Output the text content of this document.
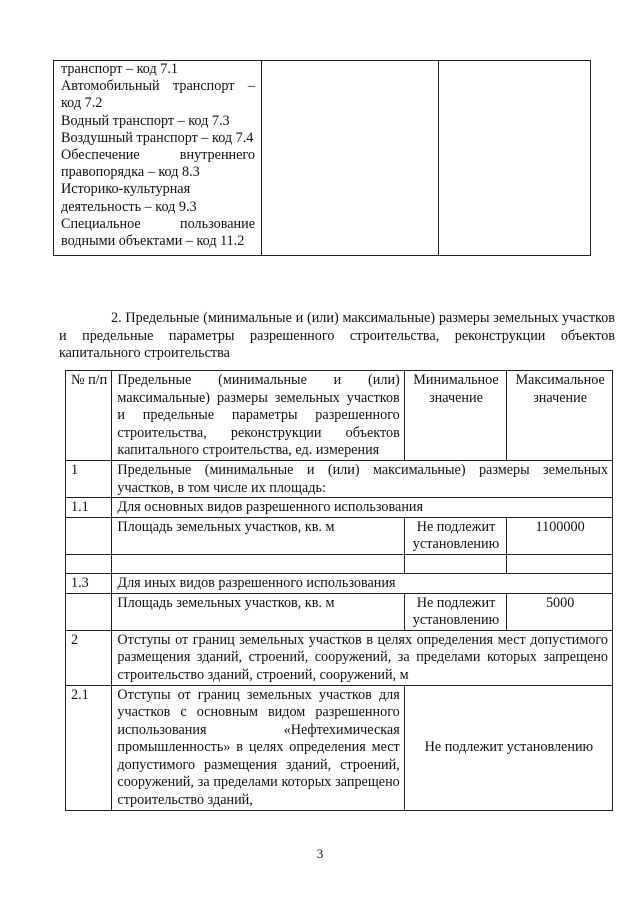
транспорт – код 7.1
Автомобильный транспорт – код 7.2
Водный транспорт – код 7.3
Воздушный транспорт – код 7.4
Обеспечение внутреннего правопорядка – код 8.3
Историко-культурная деятельность – код 9.3
Специальное пользование водными объектами – код 11.2

2. Предельные (минимальные и (или) максимальные) размеры земельных участков и предельные параметры разрешенного строительства, реконструкции объектов капитального строительства
№ п/п	Предельные (минимальные и (или) максимальные) размеры земельных участков и предельные параметры разрешенного строительства, реконструкции объектов капитального строительства, ед. измерения	Минимальное значение	Максимальное значение
1	Предельные (минимальные и (или) максимальные) размеры земельных участков, в том числе их площадь:		
1.1	Для основных видов разрешенного использования		
	Площадь земельных участков, кв. м	Не подлежит установлению	1100000

1.3	Для иных видов разрешенного использования		
	Площадь земельных участков, кв. м	Не подлежит установлению	5000
2	Отступы от границ земельных участков в целях определения мест допустимого размещения зданий, строений, сооружений, за пределами которых запрещено строительство зданий, строений, сооружений, м		
2.1	Отступы от границ земельных участков для участков с основным видом разрешенного использования «Нефтехимическая промышленность» в целях определения мест допустимого размещения зданий, строений, сооружений, за пределами которых запрещено строительство зданий,	Не подлежит установлению	
3
